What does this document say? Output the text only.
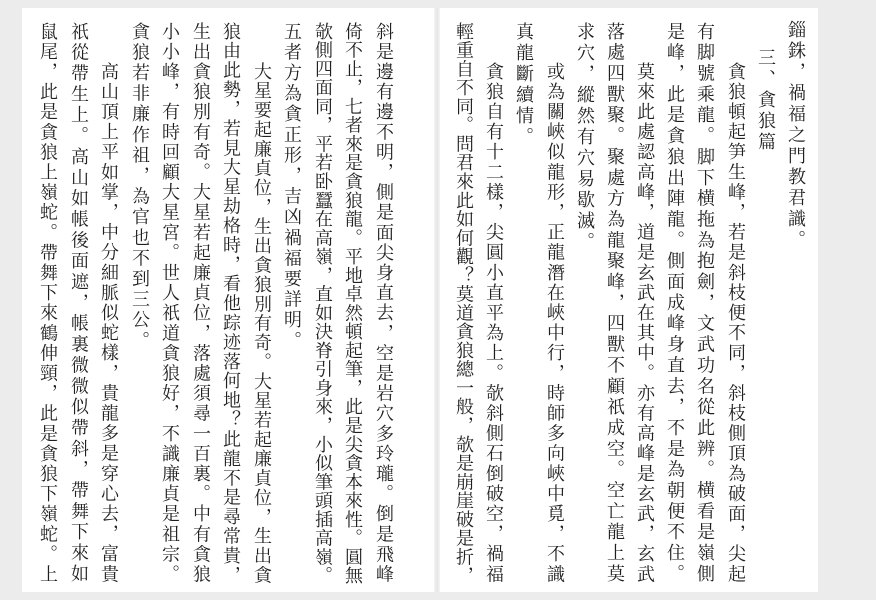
斜是邊有邊不明，側是面尖身直去，空是岩穴多玲瓏。倒是飛峰
倚不止，七者來是貪狼龍。平地卓然頓起筆，此是尖貪本來性。圓無
欹側四面同，平若卧蠶在高嶺，直如決脊引身來，小似筆頭插高嶺。
五者方為貪正形，吉凶禍福要詳明。
大星要起廉貞位，生出貪狼別有奇。大星若起廉貞位，生出貪
狼由此勢，若見大星劫格時，看他踪迹落何地？此龍不是尋常貴，
生出貪狼別有奇。大星若起廉貞位，落處須尋一百裏。中有貪狼
小小峰，有時回顧大星宮。世人祇道貪狼好，不識廉貞是祖宗。
貪狼若非廉作祖，為官也不到三公。
高山頂上平如掌，中分細脈似蛇樣，貴龍多是穿心去，富貴
祇從帶生上。高山如帳後面遮，帳裏微微似帶斜，帶舞下來如
鼠尾，此是貪狼上嶺蛇。帶舞下來鶴伸頸，此是貪狼下嶺蛇。上	錙銖，禍福之門教君識。
三、貪狼篇
貪狼頓起笋生峰，若是斜枝便不同，斜枝側頂為破面，尖起
有脚號乘龍。脚下横拖為抱劍，文武功名從此辨。横看是嶺側
是峰，此是貪狼出陣龍。側面成峰身直去，不是為朝便不住。
莫來此處認高峰，道是玄武在其中。亦有高峰是玄武，玄武
落處四獸聚。聚處方為龍聚峰，四獸不顧祇成空。空亡龍上莫
求穴，縱然有穴易歇滅。
或為關峽似龍形，正龍潛在峽中行，時師多向峽中覓，不識
真龍斷續情。
貪狼自有十二樣，尖圓小直平為上。欹斜側石倒破空，禍福
輕重自不同。問君來此如何觀？莫道貪狼總一般，欹是崩崖破是折，
